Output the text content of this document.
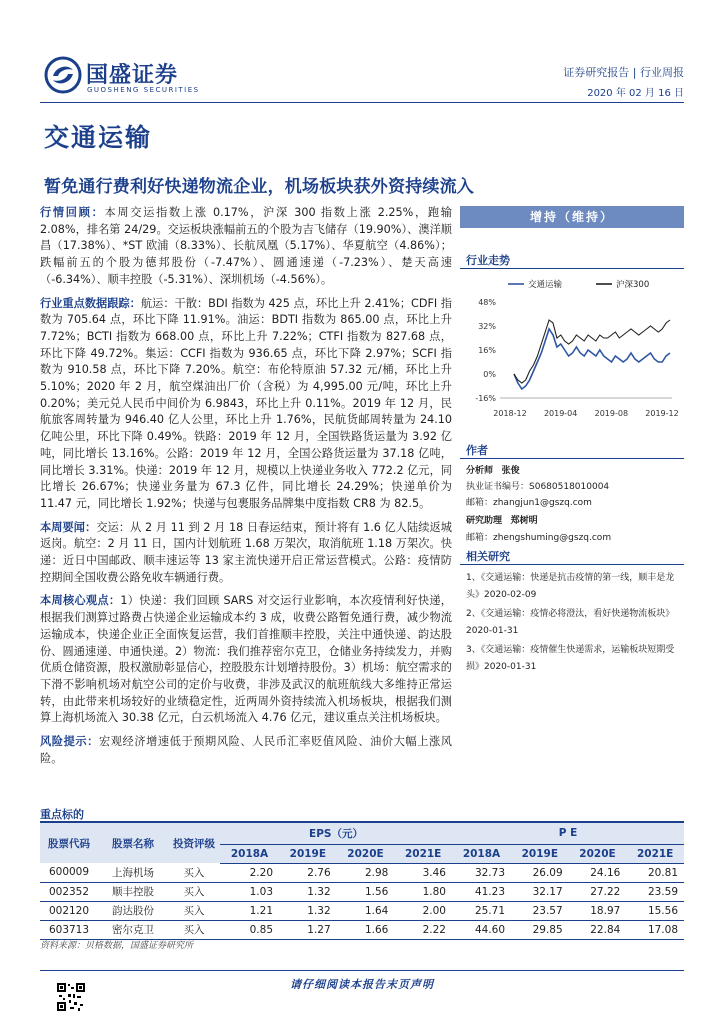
国盛证券
GUOSHENG SECURITIES
证券研究报告 | 行业周报
2020 年 02 月 16 日
交通运输
暂免通行费利好快递物流企业，机场板块获外资持续流入

行情回顾：本周交运指数上涨 0.17%，沪深 300 指数上涨 2.25%，跑输 2.08%，排名第 24/29。交运板块涨幅前五的个股为吉飞储存（19.90%）、澳洋顺昌（17.38%）、*ST 欧浦（8.33%）、长航凤凰（5.17%）、华夏航空（4.86%）；跌幅前五的个股为德邦股份（-7.47%）、圆通速递（-7.23%）、楚天高速（-6.34%）、顺丰控股（-5.31%）、深圳机场（-4.56%）。

行业重点数据跟踪：航运：干散：BDI 指数为 425 点，环比上升 2.41%；CDFI 指数为 705.64 点，环比下降 11.91%。油运：BDTI 指数为 865.00 点，环比上升 7.72%；BCTI 指数为 668.00 点，环比上升 7.22%；CTFI 指数为 827.68 点，环比下降 49.72%。集运：CCFI 指数为 936.65 点，环比下降 2.97%；SCFI 指数为 910.58 点，环比下降 7.20%。航空：布伦特原油 57.32 元/桶，环比上升 5.10%；2020 年 2 月，航空煤油出厂价（含税）为 4,995.00 元/吨，环比上升 0.20%；美元兑人民币中间价为 6.9843，环比上升 0.11%。2019 年 12 月，民航旅客周转量为 946.40 亿人公里，环比上升 1.76%，民航货邮周转量为 24.10 亿吨公里，环比下降 0.49%。铁路：2019 年 12 月，全国铁路货运量为 3.92 亿吨，同比增长 13.16%。公路：2019 年 12 月，全国公路货运量为 37.18 亿吨，同比增长 3.31%。快递：2019 年 12 月，规模以上快递业务收入 772.2 亿元，同比增长 26.67%；快递业务量为 67.3 亿件，同比增长 24.29%；快递单价为 11.47 元，同比增长 1.92%；快递与包裹服务品牌集中度指数 CR8 为 82.5。

本周要闻：交运：从 2 月 11 到 2 月 18 日春运结束，预计将有 1.6 亿人陆续返城返岗。航空：2 月 11 日，国内计划航班 1.68 万架次，取消航班 1.18 万架次。快递：近日中国邮政、顺丰速运等 13 家主流快递开启正常运营模式。公路：疫情防控期间全国收费公路免收车辆通行费。

本周核心观点：1）快递：我们回顾 SARS 对交运行业影响，本次疫情利好快递，根据我们测算过路费占快递企业运输成本约 3 成，收费公路暂免通行费，减少物流运输成本，快递企业正全面恢复运营，我们首推顺丰控股，关注中通快递、韵达股份、圆通速递、申通快递。2）物流：我们推荐密尔克卫，仓储业务持续发力，并购优质仓储资源，股权激励彰显信心，控股股东计划增持股份。3）机场：航空需求的下滑不影响机场对航空公司的定价与收费，非涉及武汉的航班航线大多维持正常运转，由此带来机场较好的业绩稳定性，近两周外资持续流入机场板块，根据我们测算上海机场流入 30.38 亿元，白云机场流入 4.76 亿元，建议重点关注机场板块。

风险提示：宏观经济增速低于预期风险、人民币汇率贬值风险、油价大幅上涨风险。

增持（维持）
行业走势
48%
32%
16%
0%
-16%
2018-12 2019-04 2019-08 2019-12
交通运输	沪深300
作者
分析师 张俊
执业证书编号：S0680518010004
邮箱：zhangjun1@gszq.com
研究助理 郑树明
邮箱：zhengshuming@gszq.com
相关研究
1、《交通运输：快递是抗击疫情的第一线，顺丰是龙头》2020-02-09
2、《交通运输：疫情必将澄汰，看好快递物流板块》2020-01-31
3、《交通运输：疫情催生快递需求，运输板块短期受损》2020-01-31
重点标的
股票代码	股票名称	投资评级	EPS（元）				P E			
			2018A	2019E	2020E	2021E	2018A	2019E	2020E	2021E
600009	上海机场	买入	2.20	2.76	2.98	3.46	32.73	26.09	24.16	20.81
002352	顺丰控股	买入	1.03	1.32	1.56	1.80	41.23	32.17	27.22	23.59
002120	韵达股份	买入	1.21	1.32	1.64	2.00	25.71	23.57	18.97	15.56
603713	密尔克卫	买入	0.85	1.27	1.66	2.22	44.60	29.85	22.84	17.08
资料来源：贝格数据，国盛证券研究所
请仔细阅读本报告末页声明
